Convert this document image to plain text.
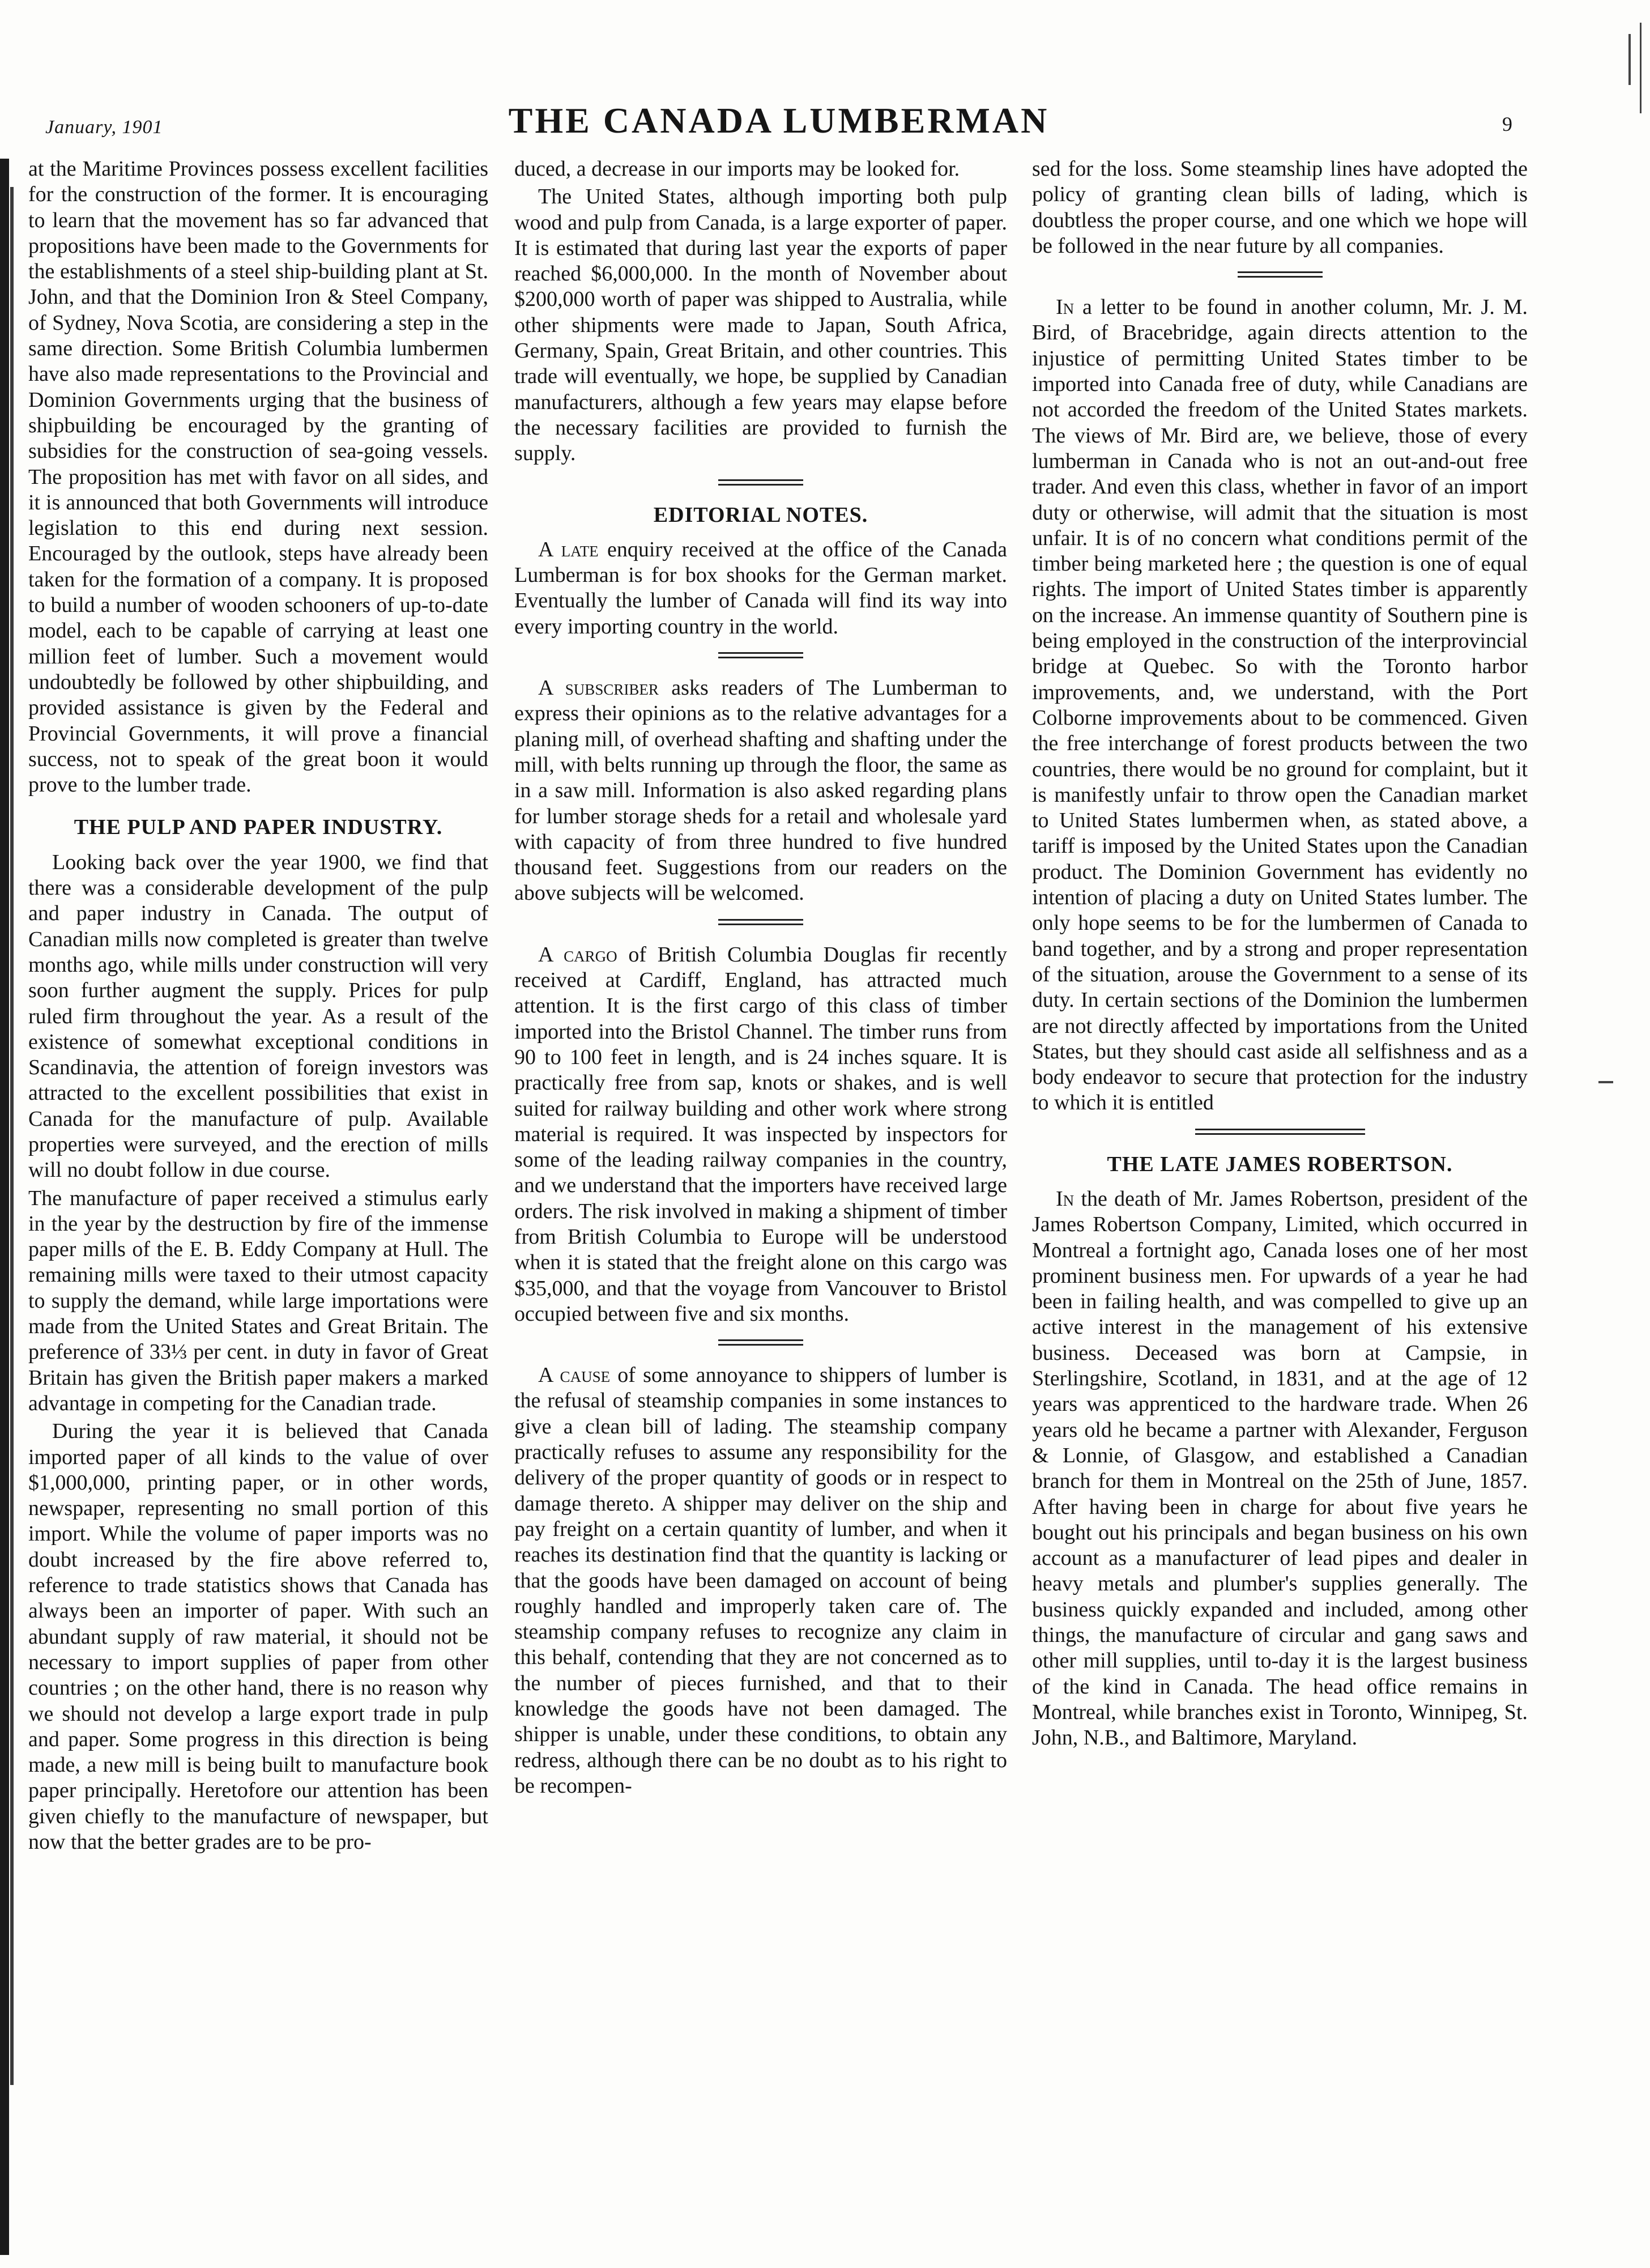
January, 1901	THE CANADA LUMBERMAN	9

at the Maritime Provinces possess excellent facilities for the construction of the former. It is encouraging to learn that the movement has so far advanced that propositions have been made to the Governments for the establishments of a steel ship-building plant at St. John, and that the Dominion Iron & Steel Company, of Sydney, Nova Scotia, are considering a step in the same direction. Some British Columbia lumbermen have also made representations to the Provincial and Dominion Governments urging that the business of shipbuilding be encouraged by the granting of subsidies for the construction of sea-going vessels. The proposition has met with favor on all sides, and it is announced that both Governments will introduce legislation to this end during next session. Encouraged by the outlook, steps have already been taken for the formation of a company. It is proposed to build a number of wooden schooners of up-to-date model, each to be capable of carrying at least one million feet of lumber. Such a movement would undoubtedly be followed by other shipbuilding, and provided assistance is given by the Federal and Provincial Governments, it will prove a financial success, not to speak of the great boon it would prove to the lumber trade.

THE PULP AND PAPER INDUSTRY.

Looking back over the year 1900, we find that there was a considerable development of the pulp and paper industry in Canada. The output of Canadian mills now completed is greater than twelve months ago, while mills under construction will very soon further augment the supply. Prices for pulp ruled firm throughout the year. As a result of the existence of somewhat exceptional conditions in Scandinavia, the attention of foreign investors was attracted to the excellent possibilities that exist in Canada for the manufacture of pulp. Available properties were surveyed, and the erection of mills will no doubt follow in due course.

The manufacture of paper received a stimulus early in the year by the destruction by fire of the immense paper mills of the E. B. Eddy Company at Hull. The remaining mills were taxed to their utmost capacity to supply the demand, while large importations were made from the United States and Great Britain. The preference of 33⅓ per cent. in duty in favor of Great Britain has given the British paper makers a marked advantage in competing for the Canadian trade.

During the year it is believed that Canada imported paper of all kinds to the value of over $1,000,000, printing paper, or in other words, newspaper, representing no small portion of this import. While the volume of paper imports was no doubt increased by the fire above referred to, reference to trade statistics shows that Canada has always been an importer of paper. With such an abundant supply of raw material, it should not be necessary to import supplies of paper from other countries ; on the other hand, there is no reason why we should not develop a large export trade in pulp and paper. Some progress in this direction is being made, a new mill is being built to manufacture book paper principally. Heretofore our attention has been given chiefly to the manufacture of newspaper, but now that the better grades are to be pro-

duced, a decrease in our imports may be looked for.

The United States, although importing both pulp wood and pulp from Canada, is a large exporter of paper. It is estimated that during last year the exports of paper reached $6,000,000. In the month of November about $200,000 worth of paper was shipped to Australia, while other shipments were made to Japan, South Africa, Germany, Spain, Great Britain, and other countries. This trade will eventually, we hope, be supplied by Canadian manufacturers, although a few years may elapse before the necessary facilities are provided to furnish the supply.

EDITORIAL NOTES.

A late enquiry received at the office of the Canada Lumberman is for box shooks for the German market. Eventually the lumber of Canada will find its way into every importing country in the world.

A subscriber asks readers of The Lumberman to express their opinions as to the relative advantages for a planing mill, of overhead shafting and shafting under the mill, with belts running up through the floor, the same as in a saw mill. Information is also asked regarding plans for lumber storage sheds for a retail and wholesale yard with capacity of from three hundred to five hundred thousand feet. Suggestions from our readers on the above subjects will be welcomed.

A cargo of British Columbia Douglas fir recently received at Cardiff, England, has attracted much attention. It is the first cargo of this class of timber imported into the Bristol Channel. The timber runs from 90 to 100 feet in length, and is 24 inches square. It is practically free from sap, knots or shakes, and is well suited for railway building and other work where strong material is required. It was inspected by inspectors for some of the leading railway companies in the country, and we understand that the importers have received large orders. The risk involved in making a shipment of timber from British Columbia to Europe will be understood when it is stated that the freight alone on this cargo was $35,000, and that the voyage from Vancouver to Bristol occupied between five and six months.

A cause of some annoyance to shippers of lumber is the refusal of steamship companies in some instances to give a clean bill of lading. The steamship company practically refuses to assume any responsibility for the delivery of the proper quantity of goods or in respect to damage thereto. A shipper may deliver on the ship and pay freight on a certain quantity of lumber, and when it reaches its destination find that the quantity is lacking or that the goods have been damaged on account of being roughly handled and improperly taken care of. The steamship company refuses to recognize any claim in this behalf, contending that they are not concerned as to the number of pieces furnished, and that to their knowledge the goods have not been damaged. The shipper is unable, under these conditions, to obtain any redress, although there can be no doubt as to his right to be recompen-

sed for the loss. Some steamship lines have adopted the policy of granting clean bills of lading, which is doubtless the proper course, and one which we hope will be followed in the near future by all companies.

In a letter to be found in another column, Mr. J. M. Bird, of Bracebridge, again directs attention to the injustice of permitting United States timber to be imported into Canada free of duty, while Canadians are not accorded the freedom of the United States markets. The views of Mr. Bird are, we believe, those of every lumberman in Canada who is not an out-and-out free trader. And even this class, whether in favor of an import duty or otherwise, will admit that the situation is most unfair. It is of no concern what conditions permit of the timber being marketed here ; the question is one of equal rights. The import of United States timber is apparently on the increase. An immense quantity of Southern pine is being employed in the construction of the interprovincial bridge at Quebec. So with the Toronto harbor improvements, and, we understand, with the Port Colborne improvements about to be commenced. Given the free interchange of forest products between the two countries, there would be no ground for complaint, but it is manifestly unfair to throw open the Canadian market to United States lumbermen when, as stated above, a tariff is imposed by the United States upon the Canadian product. The Dominion Government has evidently no intention of placing a duty on United States lumber. The only hope seems to be for the lumbermen of Canada to band together, and by a strong and proper representation of the situation, arouse the Government to a sense of its duty. In certain sections of the Dominion the lumbermen are not directly affected by importations from the United States, but they should cast aside all selfishness and as a body endeavor to secure that protection for the industry to which it is entitled

THE LATE JAMES ROBERTSON.

In the death of Mr. James Robertson, president of the James Robertson Company, Limited, which occurred in Montreal a fortnight ago, Canada loses one of her most prominent business men. For upwards of a year he had been in failing health, and was compelled to give up an active interest in the management of his extensive business. Deceased was born at Campsie, in Sterlingshire, Scotland, in 1831, and at the age of 12 years was apprenticed to the hardware trade. When 26 years old he became a partner with Alexander, Ferguson & Lonnie, of Glasgow, and established a Canadian branch for them in Montreal on the 25th of June, 1857. After having been in charge for about five years he bought out his principals and began business on his own account as a manufacturer of lead pipes and dealer in heavy metals and plumber's supplies generally. The business quickly expanded and included, among other things, the manufacture of circular and gang saws and other mill supplies, until to-day it is the largest business of the kind in Canada. The head office remains in Montreal, while branches exist in Toronto, Winnipeg, St. John, N.B., and Baltimore, Maryland.
